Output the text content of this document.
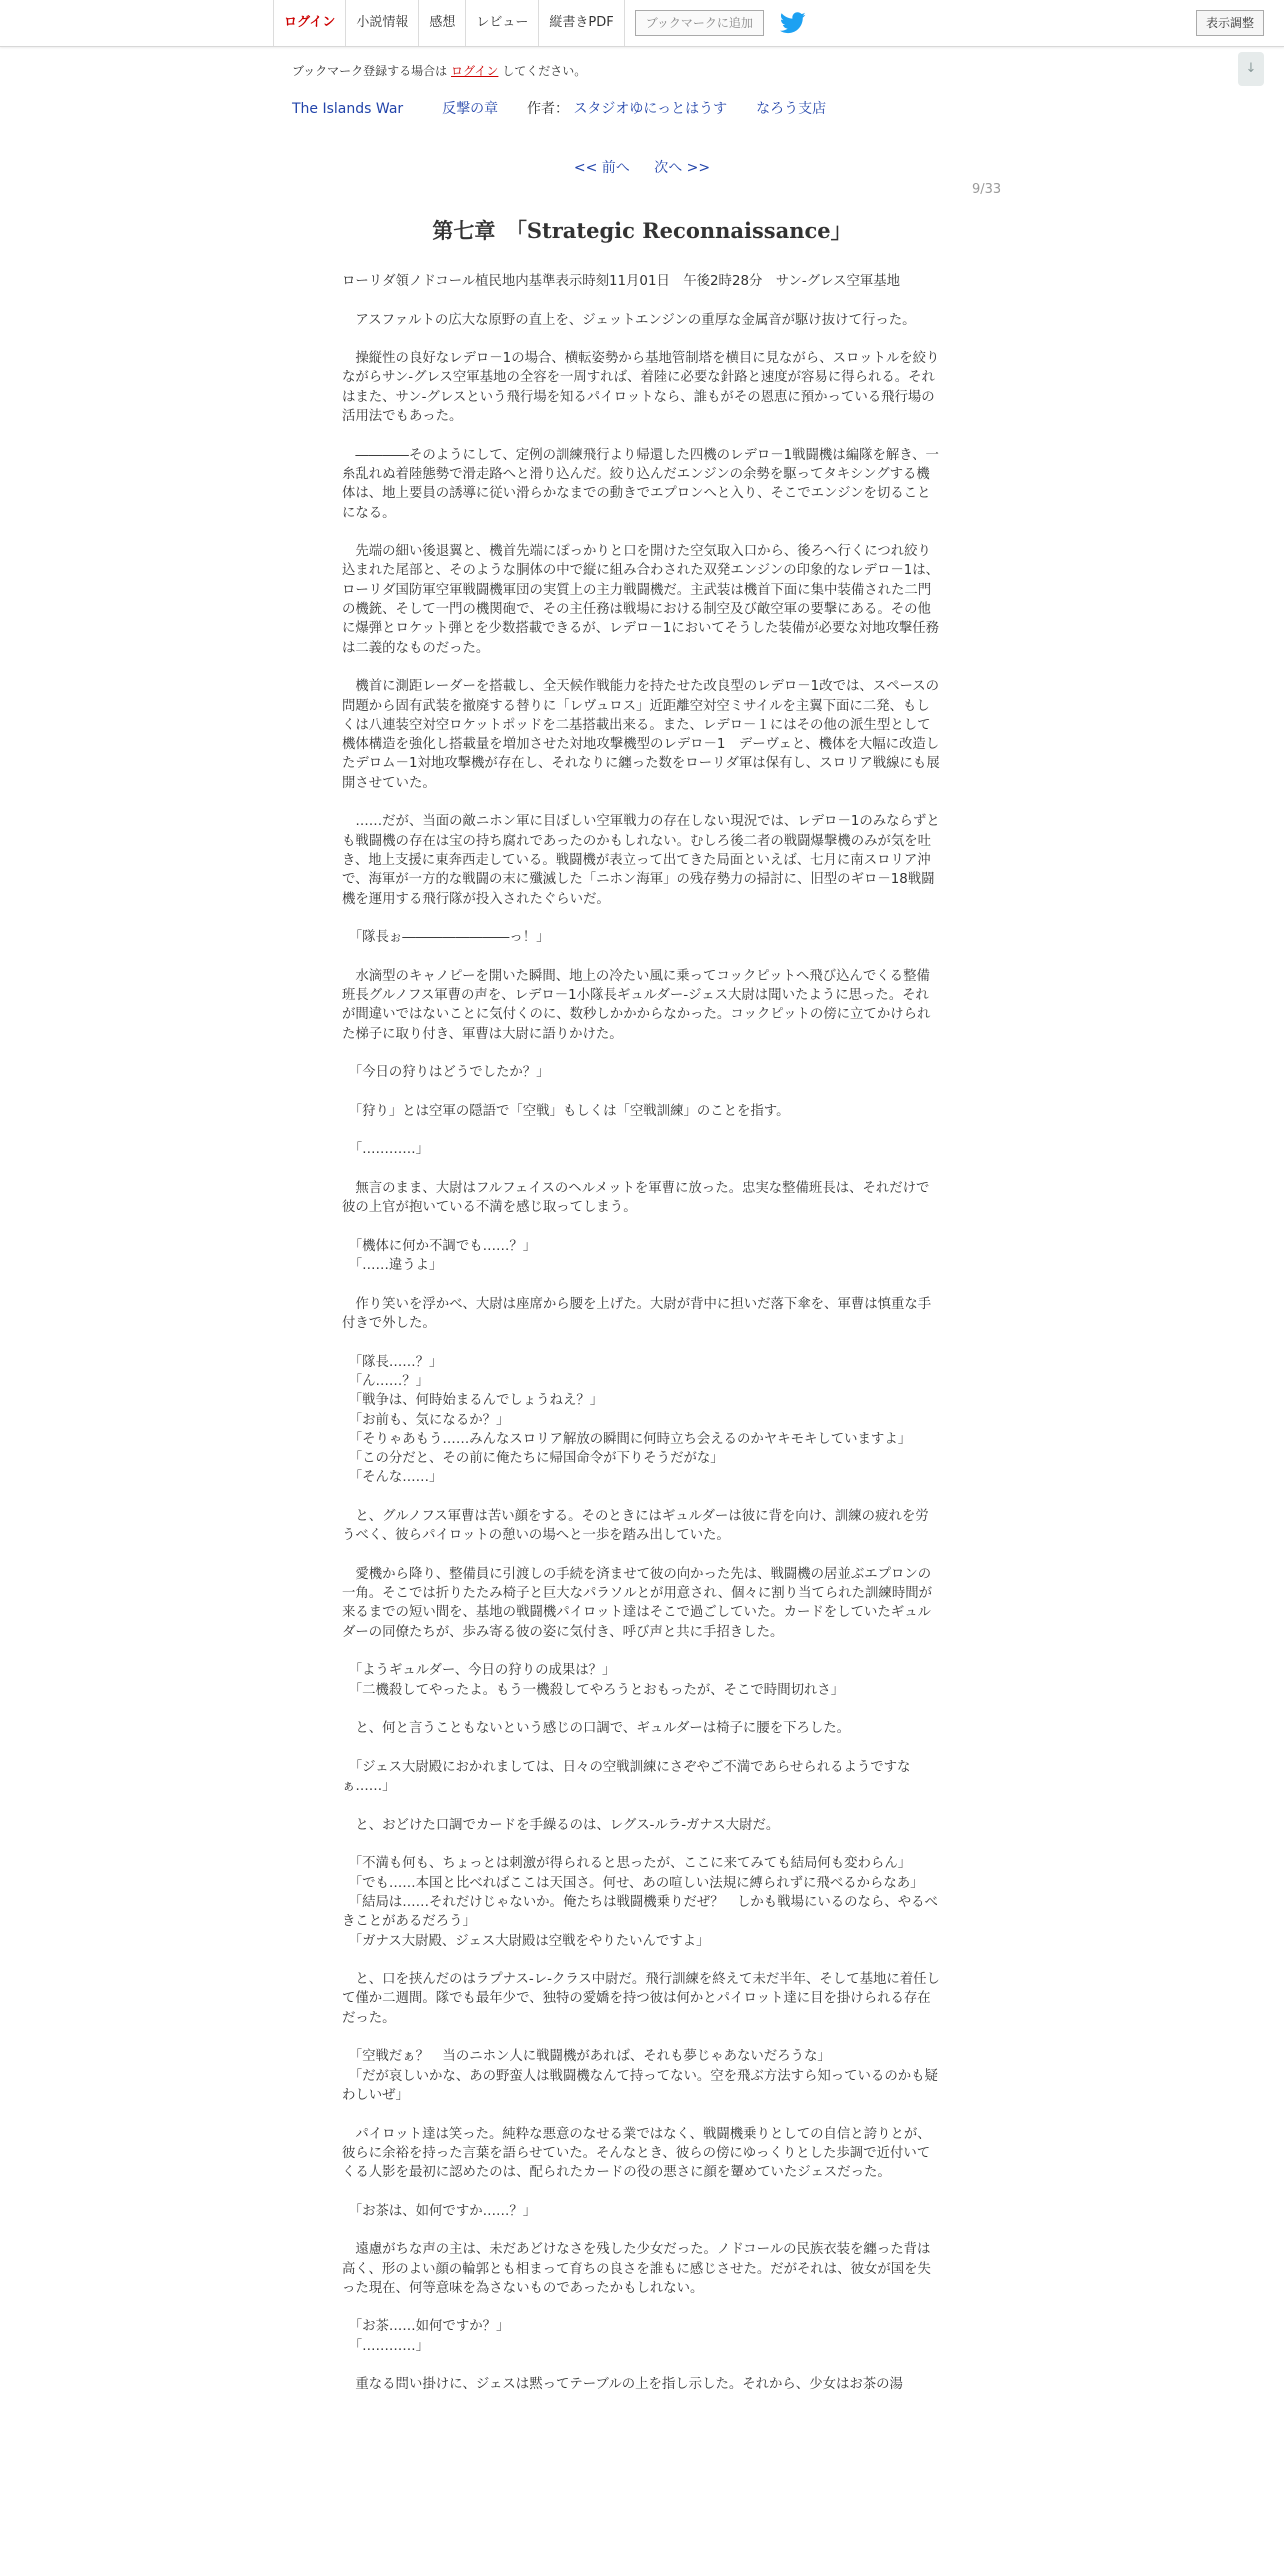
ログイン	小説情報	感想	レビュー	縦書きPDF	ブックマークに追加	表示調整
↓
ブックマーク登録する場合は ログイン してください。
The Islands War	反撃の章 作者： スタジオゆにっとはうす なろう支店
<< 前へ 次へ >>
9/33
第七章　「Strategic Reconnaissance」

ローリダ領ノドコール植民地内基準表示時刻11月01日　午後2時28分　サン-グレス空軍基地

　アスファルトの広大な原野の直上を、ジェットエンジンの重厚な金属音が駆け抜けて行った。

　操縦性の良好なレデロ－1の場合、横転姿勢から基地管制塔を横目に見ながら、スロットルを絞りながらサン-グレス空軍基地の全容を一周すれば、着陸に必要な針路と速度が容易に得られる。それはまた、サン-グレスという飛行場を知るパイロットなら、誰もがその恩恵に預かっている飛行場の活用法でもあった。

　――――そのようにして、定例の訓練飛行より帰還した四機のレデロ－1戦闘機は編隊を解き、一糸乱れぬ着陸態勢で滑走路へと滑り込んだ。絞り込んだエンジンの余勢を駆ってタキシングする機体は、地上要員の誘導に従い滑らかなまでの動きでエプロンへと入り、そこでエンジンを切ることになる。

　先端の細い後退翼と、機首先端にぽっかりと口を開けた空気取入口から、後ろへ行くにつれ絞り込まれた尾部と、そのような胴体の中で縦に組み合わされた双発エンジンの印象的なレデロ－1は、ローリダ国防軍空軍戦闘機軍団の実質上の主力戦闘機だ。主武装は機首下面に集中装備された二門の機銃、そして一門の機関砲で、その主任務は戦場における制空及び敵空軍の要撃にある。その他に爆弾とロケット弾とを少数搭載できるが、レデロ－1においてそうした装備が必要な対地攻撃任務は二義的なものだった。

　機首に測距レーダーを搭載し、全天候作戦能力を持たせた改良型のレデロ－1改では、スペースの問題から固有武装を撤廃する替りに「レヴュロス」近距離空対空ミサイルを主翼下面に二発、もしくは八連装空対空ロケットポッドを二基搭載出来る。また、レデロ－１にはその他の派生型として機体構造を強化し搭載量を増加させた対地攻撃機型のレデロ－1　デーヴェと、機体を大幅に改造したデロム－1対地攻撃機が存在し、それなりに纏った数をローリダ軍は保有し、スロリア戦線にも展開させていた。

　……だが、当面の敵ニホン軍に目ぼしい空軍戦力の存在しない現況では、レデロ－1のみならずとも戦闘機の存在は宝の持ち腐れであったのかもしれない。むしろ後二者の戦闘爆撃機のみが気を吐き、地上支援に東奔西走している。戦闘機が表立って出てきた局面といえば、七月に南スロリア沖で、海軍が一方的な戦闘の末に殲滅した「ニホン海軍」の残存勢力の掃討に、旧型のギロ－18戦闘機を運用する飛行隊が投入されたぐらいだ。

　「隊長ぉ――――――――っ！」

　水滴型のキャノピーを開いた瞬間、地上の冷たい風に乗ってコックピットへ飛び込んでくる整備班長グルノフス軍曹の声を、レデロ－1小隊長ギュルダー-ジェス大尉は聞いたように思った。それが間違いではないことに気付くのに、数秒しかかからなかった。コックピットの傍に立てかけられた梯子に取り付き、軍曹は大尉に語りかけた。

　「今日の狩りはどうでしたか？」

　「狩り」とは空軍の隠語で「空戦」もしくは「空戦訓練」のことを指す。

　「…………」

　無言のまま、大尉はフルフェイスのヘルメットを軍曹に放った。忠実な整備班長は、それだけで彼の上官が抱いている不満を感じ取ってしまう。

　「機体に何か不調でも……？」

　「……違うよ」

　作り笑いを浮かべ、大尉は座席から腰を上げた。大尉が背中に担いだ落下傘を、軍曹は慎重な手付きで外した。

　「隊長……？」

　「ん……？」

　「戦争は、何時始まるんでしょうねえ？」

　「お前も、気になるか？」

　「そりゃあもう……みんなスロリア解放の瞬間に何時立ち会えるのかヤキモキしていますよ」

　「この分だと、その前に俺たちに帰国命令が下りそうだがな」

　「そんな……」

　と、グルノフス軍曹は苦い顔をする。そのときにはギュルダーは彼に背を向け、訓練の疲れを労うべく、彼らパイロットの憩いの場へと一歩を踏み出していた。

　愛機から降り、整備員に引渡しの手続を済ませて彼の向かった先は、戦闘機の居並ぶエプロンの一角。そこでは折りたたみ椅子と巨大なパラソルとが用意され、個々に割り当てられた訓練時間が来るまでの短い間を、基地の戦闘機パイロット達はそこで過ごしていた。カードをしていたギュルダーの同僚たちが、歩み寄る彼の姿に気付き、呼び声と共に手招きした。

　「ようギュルダー、今日の狩りの成果は？」

　「二機殺してやったよ。もう一機殺してやろうとおもったが、そこで時間切れさ」

　と、何と言うこともないという感じの口調で、ギュルダーは椅子に腰を下ろした。

　「ジェス大尉殿におかれましては、日々の空戦訓練にさぞやご不満であらせられるようですなぁ……」

　と、おどけた口調でカードを手繰るのは、レグス-ルラ-ガナス大尉だ。

　「不満も何も、ちょっとは刺激が得られると思ったが、ここに来てみても結局何も変わらん」

　「でも……本国と比べればここは天国さ。何せ、あの喧しい法規に縛られずに飛べるからなあ」

　「結局は……それだけじゃないか。俺たちは戦闘機乗りだぜ？　しかも戦場にいるのなら、やるべきことがあるだろう」

　「ガナス大尉殿、ジェス大尉殿は空戦をやりたいんですよ」

　と、口を挟んだのはラプナス-レ-クラス中尉だ。飛行訓練を終えて未だ半年、そして基地に着任して僅か二週間。隊でも最年少で、独特の愛嬌を持つ彼は何かとパイロット達に目を掛けられる存在だった。

　「空戦だぁ？　当のニホン人に戦闘機があれば、それも夢じゃあないだろうな」

　「だが哀しいかな、あの野蛮人は戦闘機なんて持ってない。空を飛ぶ方法すら知っているのかも疑わしいぜ」

　パイロット達は笑った。純粋な悪意のなせる業ではなく、戦闘機乗りとしての自信と誇りとが、彼らに余裕を持った言葉を語らせていた。そんなとき、彼らの傍にゆっくりとした歩調で近付いてくる人影を最初に認めたのは、配られたカードの役の悪さに顔を顰めていたジェスだった。

　「お茶は、如何ですか……？」

　遠慮がちな声の主は、未だあどけなさを残した少女だった。ノドコールの民族衣装を纏った背は高く、形のよい顔の輪郭とも相まって育ちの良さを誰もに感じさせた。だがそれは、彼女が国を失った現在、何等意味を為さないものであったかもしれない。

　「お茶……如何ですか？」

　「…………」

　重なる問い掛けに、ジェスは黙ってテーブルの上を指し示した。それから、少女はお茶の湯
